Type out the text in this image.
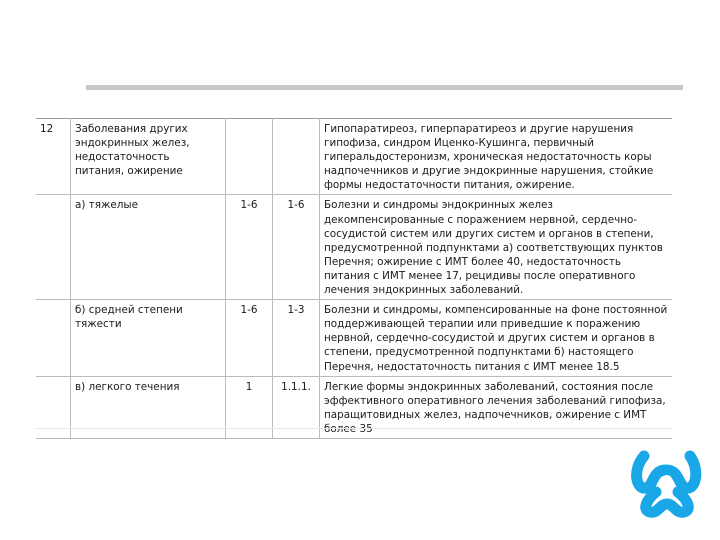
12	Заболевания других эндокринных желез, недостаточность питания, ожирение			Гипопаратиреоз, гиперпаратиреоз и другие нарушения гипофиза, синдром Иценко-Кушинга, первичный гиперальдостеронизм, хроническая недостаточность коры надпочечников и другие эндокринные нарушения, стойкие формы недостаточности питания, ожирение.
	а) тяжелые	1-6	1-6	Болезни и синдромы эндокринных желез декомпенсированные с поражением нервной, сердечно-сосудистой систем или других систем и органов в степени, предусмотренной подпунктами а) соответствующих пунктов Перечня; ожирение с ИМТ более 40, недостаточность питания с ИМТ менее 17, рецидивы после оперативного лечения эндокринных заболеваний.
	б) средней степени тяжести	1-6	1-3	Болезни и синдромы, компенсированные на фоне постоянной поддерживающей терапии или приведшие к поражению нервной, сердечно-сосудистой и других систем и органов в степени, предусмотренной подпунктами б) настоящего Перечня, недостаточность питания с ИМТ менее 18.5
	в) легкого течения	1	1.1.1.	Легкие формы эндокринных заболеваний, состояния после эффективного оперативного лечения заболеваний гипофиза, паращитовидных желез, надпочечников, ожирение с ИМТ
